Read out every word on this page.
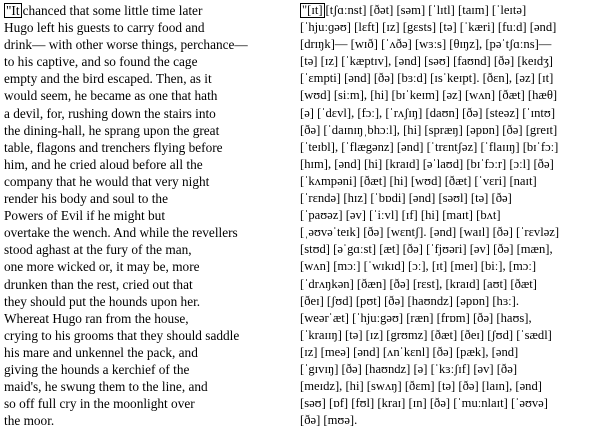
"It chanced that some little time later
Hugo left his guests to carry food and
drink— with other worse things, perchance—
to his captive, and so found the cage
empty and the bird escaped. Then, as it
would seem, he became as one that hath
a devil, for, rushing down the stairs into
the dining-hall, he sprang upon the great
table, flagons and trenchers flying before
him, and he cried aloud before all the
company that he would that very night
render his body and soul to the
Powers of Evil if he might but
overtake the wench. And while the revellers
stood aghast at the fury of the man,
one more wicked or, it may be, more
drunken than the rest, cried out that
they should put the hounds upon her.
Whereat Hugo ran from the house,
crying to his grooms that they should saddle
his mare and unkennel the pack, and
giving the hounds a kerchief of the
maid's, he swung them to the line, and
so off full cry in the moonlight over
the moor.
"[ɪt] [tʃɑːnst] [ðət] [səm] [ˈlɪtl] [taɪm] [ˈleɪtə]
[ˈhjuːɡəʊ] [lɛft] [ɪz] [gɛsts] [tə] [ˈkæri] [fuːd] [ənd]
[drɪŋk]— [wɪð] [ˈʌðə] [wɜːs] [θɪŋz], [pəˈtʃɑːns]—
[tə] [ɪz] [ˈkæptɪv], [ənd] [səʊ] [faʊnd] [ðə] [keɪdʒ]
[ˈɛmpti] [ənd] [ðə] [bɜːd] [ɪsˈkeɪpt]. [ðɛn], [əz] [ɪt]
[wʊd] [siːm], [hi] [bɪˈkeɪm] [əz] [wʌn] [ðæt] [hæθ]
[ə] [ˈdɛvl], [fɔː], [ˈrʌʃɪŋ] [daʊn] [ðə] [steəz] [ˈɪntʊ]
[ðə] [ˈdaɪnɪŋˌbhɔːl], [hi] [spræŋ] [əpɒn] [ðə] [greɪt]
[ˈteɪbl], [ˈflægənz] [ənd] [ˈtrɛntʃəz] [ˈflaɪɪŋ] [bɪˈfɔː]
[hɪm], [ənd] [hi] [kraɪd] [əˈlaʊd] [bɪˈfɔːr] [ɔːl] [ðə]
[ˈkʌmpəni] [ðæt] [hi] [wʊd] [ðæt] [ˈvɛri] [naɪt]
[ˈrɛndə] [hɪz] [ˈbɒdi] [ənd] [səʊl] [tə] [ðə]
[ˈpaʊəz] [əv] [ˈiːvl] [ɪf] [hi] [maɪt] [bʌt]
[ˌəʊvəˈteɪk] [ðə] [wɛntʃ]. [ənd] [waɪl] [ðə] [ˈrɛvləz]
[stʊd] [əˈgɑːst] [æt] [ðə] [ˈfjʊəri] [əv] [ðə] [mæn],
[wʌn] [mɔː] [ˈwɪkɪd] [ɔː], [ɪt] [meɪ] [biː], [mɔː]
[ˈdrʌŋkən] [ðæn] [ðə] [rɛst], [kraɪd] [aʊt] [ðæt]
[ðeɪ] [ʃʊd] [pʊt] [ðə] [haʊndz] [əpɒn] [hɜː].
[weərˈæt] [ˈhjuːgəʊ] [ræn] [frɒm] [ðə] [haʊs],
[ˈkraɪɪŋ] [tə] [ɪz] [grʊmz] [ðæt] [ðeɪ] [ʃʊd] [ˈsædl]
[ɪz] [meə] [ənd] [ʌnˈkɛnl] [ðə] [pæk], [ənd]
[ˈgɪvɪŋ] [ðə] [haʊndz] [ə] [ˈkɜːʃɪf] [əv] [ðə]
[meɪdz], [hi] [swʌŋ] [ðɛm] [tə] [ðə] [laɪn], [ənd]
[səʊ] [ɒf] [fʊl] [kraɪ] [ɪn] [ðə] [ˈmuːnlaɪt] [ˈəʊvə]
[ðə] [mʊə].
